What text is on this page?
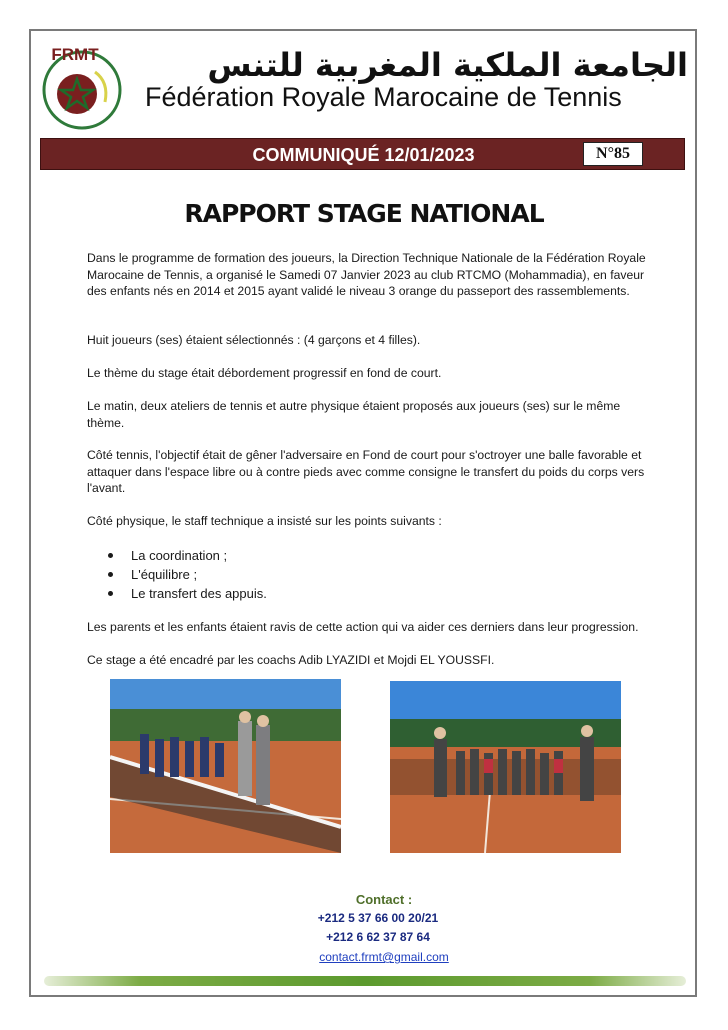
FRMT	الجامعة الملكية المغربية للتنس
Fédération Royale Marocaine de Tennis
COMMUNIQUÉ 12/01/2023	N°85
RAPPORT STAGE NATIONAL
Dans le programme de formation des joueurs, la Direction Technique Nationale de la Fédération Royale Marocaine de Tennis, a organisé le Samedi 07 Janvier 2023 au club RTCMO (Mohammadia), en faveur des enfants nés en 2014 et 2015 ayant validé le niveau 3 orange du passeport des rassemblements.
Huit joueurs (ses) étaient sélectionnés : (4 garçons et 4 filles).
Le thème du stage était débordement progressif en fond de court.
Le matin, deux ateliers de tennis et autre physique étaient proposés aux joueurs (ses) sur le même thème.
Côté tennis, l'objectif était de gêner l'adversaire en Fond de court pour s'octroyer une balle favorable et attaquer dans l'espace libre ou à contre pieds avec comme consigne le transfert du poids du corps vers l'avant.
Côté physique, le staff technique a insisté sur les points suivants :
La coordination ;
L'équilibre ;
Le transfert des appuis.
Les parents et les enfants étaient ravis de cette action qui va aider ces derniers dans leur progression.
Ce stage a été encadré par les coachs Adib LYAZIDI et Mojdi EL YOUSSFI.
Contact :
+212 5 37 66 00 20/21
+212 6 62 37 87 64
contact.frmt@gmail.com
